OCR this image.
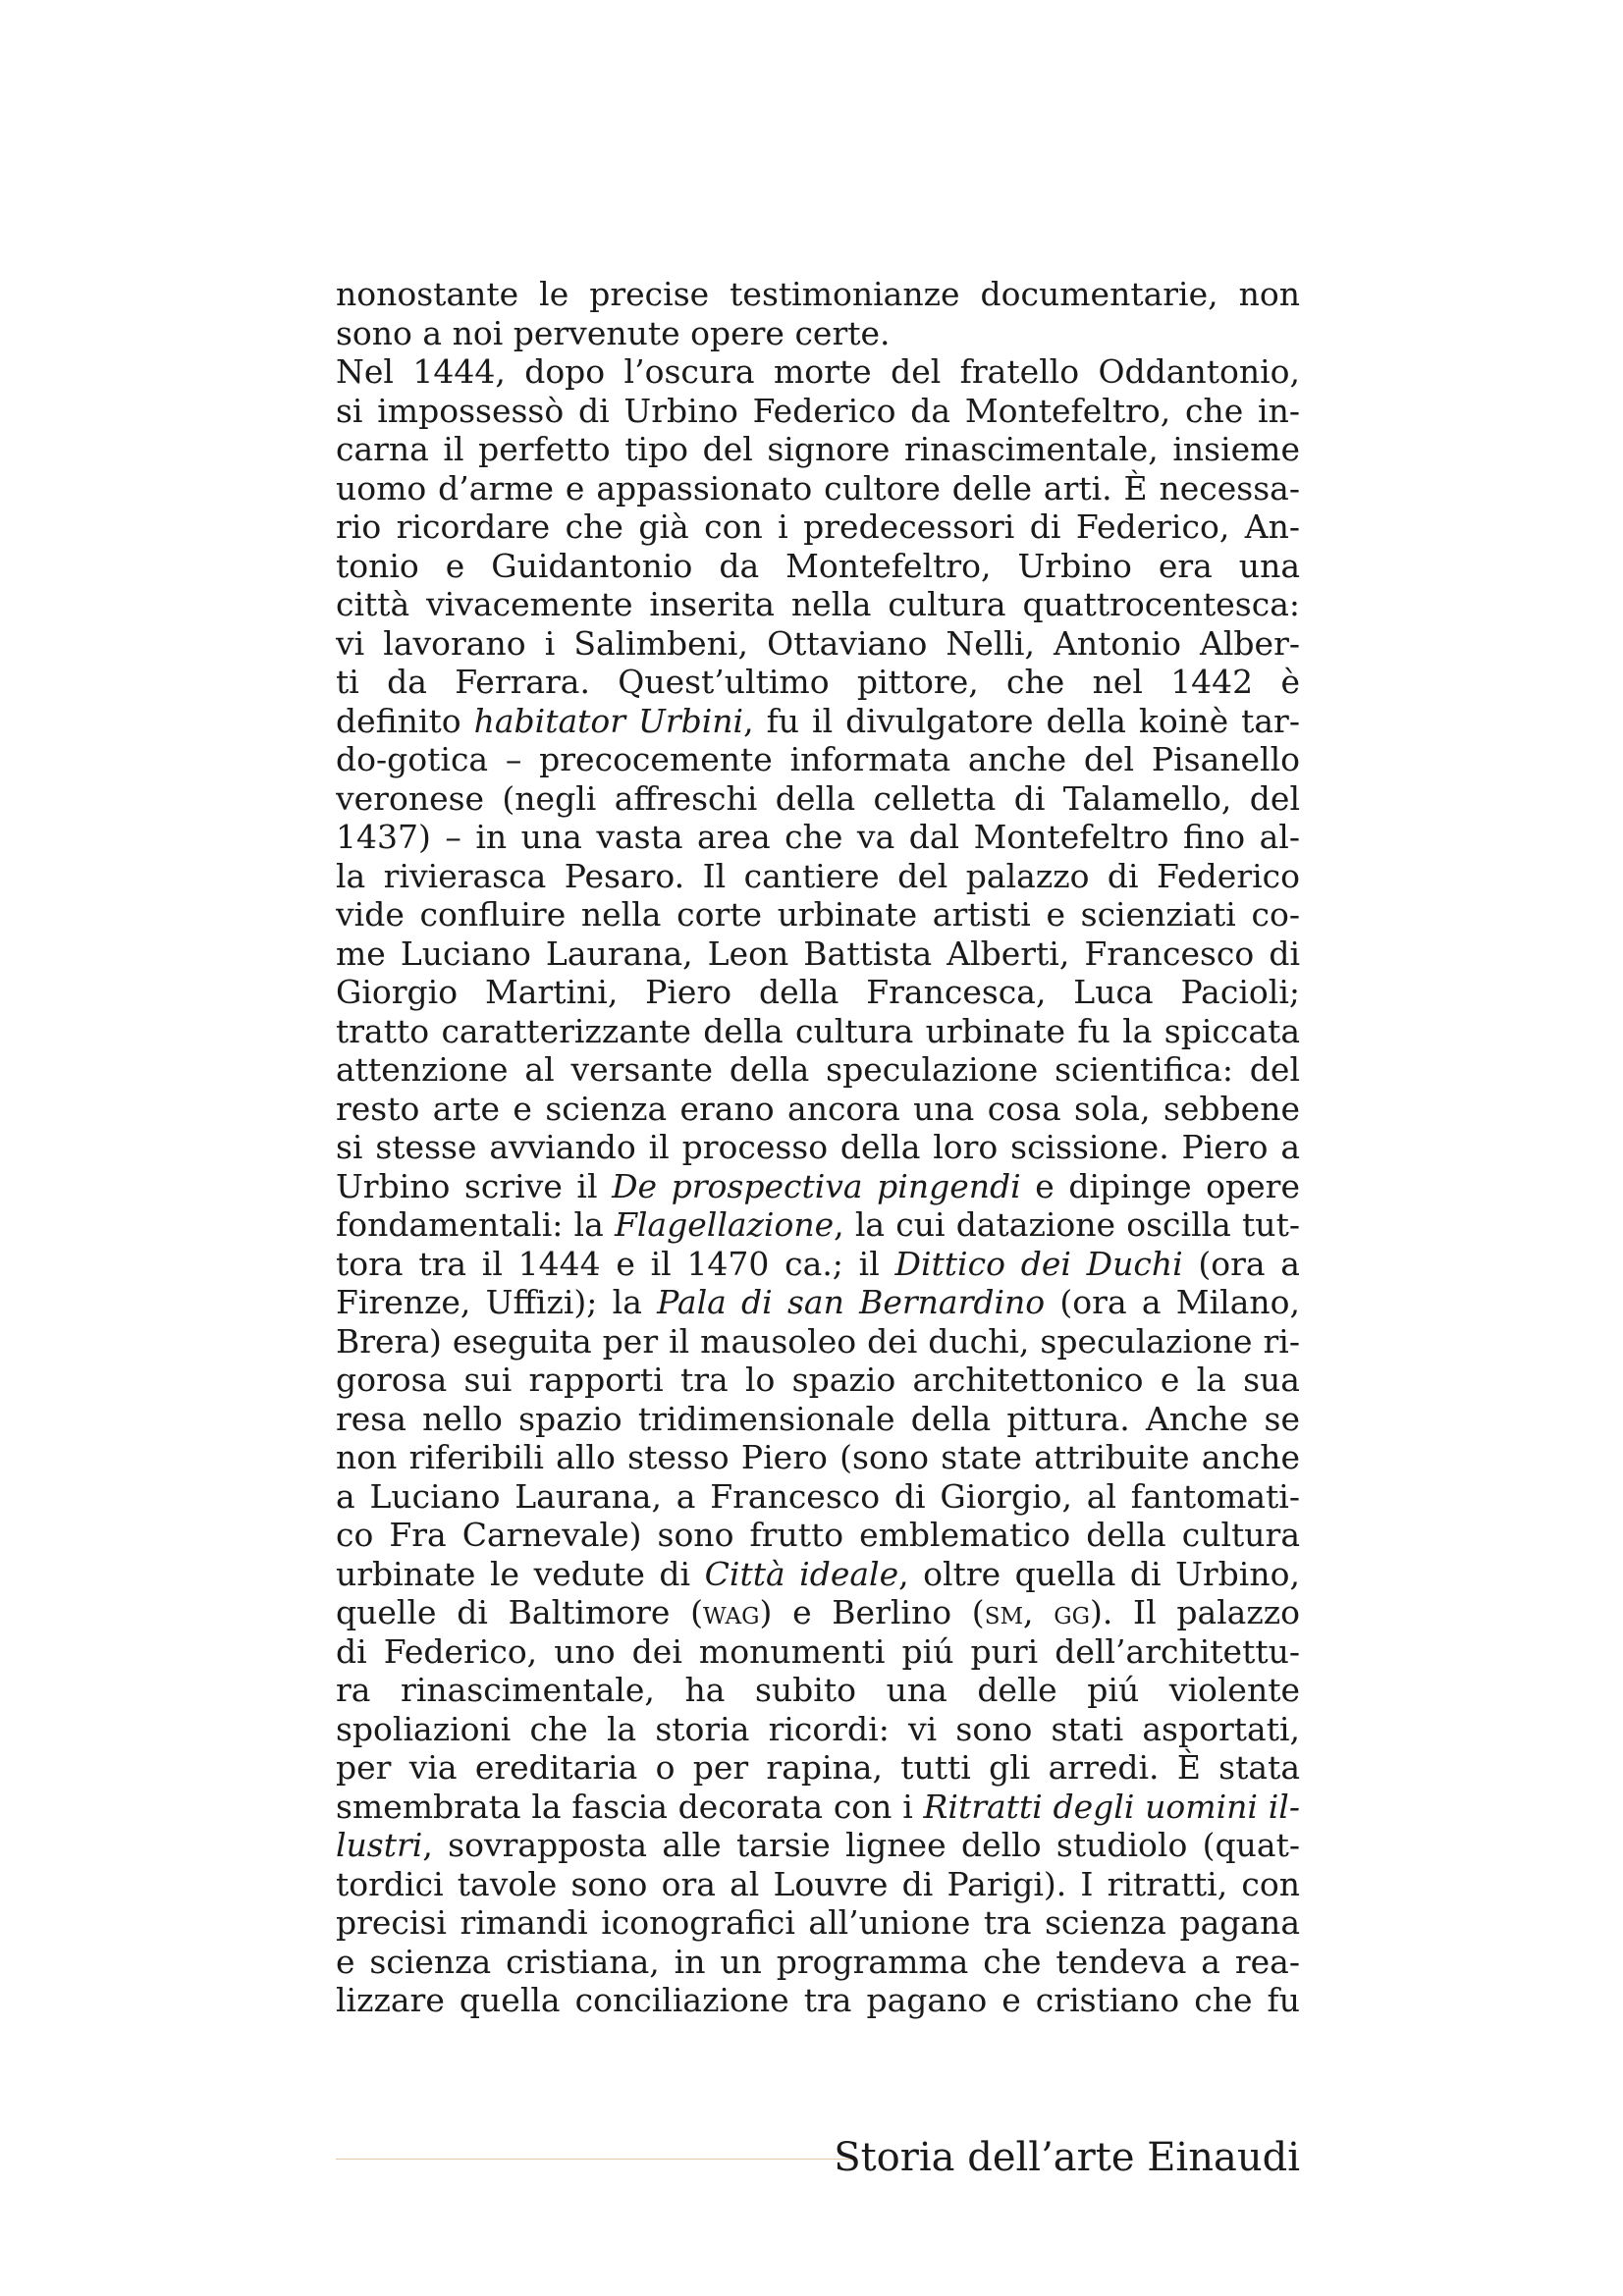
nonostante le precise testimonianze documentarie, non
sono a noi pervenute opere certe.
Nel 1444, dopo l’oscura morte del fratello Oddantonio,
si impossessò di Urbino Federico da Montefeltro, che in-
carna il perfetto tipo del signore rinascimentale, insieme
uomo d’arme e appassionato cultore delle arti. È necessa-
rio ricordare che già con i predecessori di Federico, An-
tonio e Guidantonio da Montefeltro, Urbino era una
città vivacemente inserita nella cultura quattrocentesca:
vi lavorano i Salimbeni, Ottaviano Nelli, Antonio Alber-
ti da Ferrara. Quest’ultimo pittore, che nel 1442 è
definito habitator Urbini, fu il divulgatore della koinè tar-
do-gotica – precocemente informata anche del Pisanello
veronese (negli affreschi della celletta di Talamello, del
1437) – in una vasta area che va dal Montefeltro fino al-
la rivierasca Pesaro. Il cantiere del palazzo di Federico
vide confluire nella corte urbinate artisti e scienziati co-
me Luciano Laurana, Leon Battista Alberti, Francesco di
Giorgio Martini, Piero della Francesca, Luca Pacioli;
tratto caratterizzante della cultura urbinate fu la spiccata
attenzione al versante della speculazione scientifica: del
resto arte e scienza erano ancora una cosa sola, sebbene
si stesse avviando il processo della loro scissione. Piero a
Urbino scrive il De prospectiva pingendi e dipinge opere
fondamentali: la Flagellazione, la cui datazione oscilla tut-
tora tra il 1444 e il 1470 ca.; il Dittico dei Duchi (ora a
Firenze, Uffizi); la Pala di san Bernardino (ora a Milano,
Brera) eseguita per il mausoleo dei duchi, speculazione ri-
gorosa sui rapporti tra lo spazio architettonico e la sua
resa nello spazio tridimensionale della pittura. Anche se
non riferibili allo stesso Piero (sono state attribuite anche
a Luciano Laurana, a Francesco di Giorgio, al fantomati-
co Fra Carnevale) sono frutto emblematico della cultura
urbinate le vedute di Città ideale, oltre quella di Urbino,
quelle di Baltimore (wag) e Berlino (sm, gg). Il palazzo
di Federico, uno dei monumenti piú puri dell’architettu-
ra rinascimentale, ha subito una delle piú violente
spoliazioni che la storia ricordi: vi sono stati asportati,
per via ereditaria o per rapina, tutti gli arredi. È stata
smembrata la fascia decorata con i Ritratti degli uomini il-
lustri, sovrapposta alle tarsie lignee dello studiolo (quat-
tordici tavole sono ora al Louvre di Parigi). I ritratti, con
precisi rimandi iconografici all’unione tra scienza pagana
e scienza cristiana, in un programma che tendeva a rea-
lizzare quella conciliazione tra pagano e cristiano che fu
Storia dell’arte Einaudi
